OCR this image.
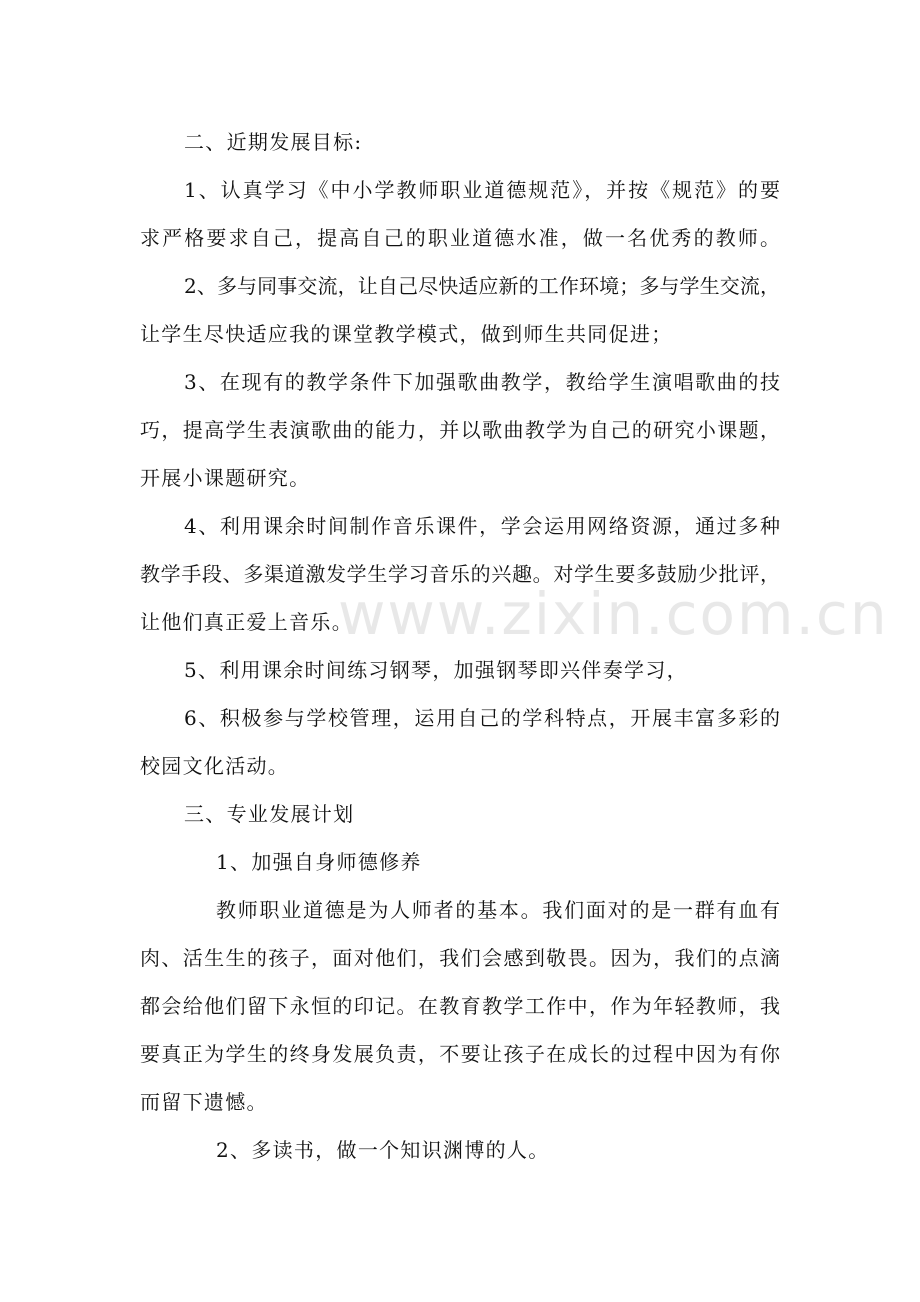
二、近期发展目标:
1、认真学习《中小学教师职业道德规范》，并按《规范》的要
求严格要求自己，提高自己的职业道德水准，做一名优秀的教师。
2、多与同事交流，让自己尽快适应新的工作环境；多与学生交流，
让学生尽快适应我的课堂教学模式，做到师生共同促进；
3、在现有的教学条件下加强歌曲教学，教给学生演唱歌曲的技
巧，提高学生表演歌曲的能力，并以歌曲教学为自己的研究小课题，
开展小课题研究。
4、利用课余时间制作音乐课件，学会运用网络资源，通过多种
教学手段、多渠道激发学生学习音乐的兴趣。对学生要多鼓励少批评，
让他们真正爱上音乐。
5、利用课余时间练习钢琴，加强钢琴即兴伴奏学习，
6、积极参与学校管理，运用自己的学科特点，开展丰富多彩的
校园文化活动。
三、专业发展计划
1、加强自身师德修养
教师职业道德是为人师者的基本。我们面对的是一群有血有
肉、活生生的孩子，面对他们，我们会感到敬畏。因为，我们的点滴
都会给他们留下永恒的印记。在教育教学工作中，作为年轻教师，我
要真正为学生的终身发展负责，不要让孩子在成长的过程中因为有你
而留下遗憾。
2、多读书，做一个知识渊博的人。
www.zixin.com.cn
